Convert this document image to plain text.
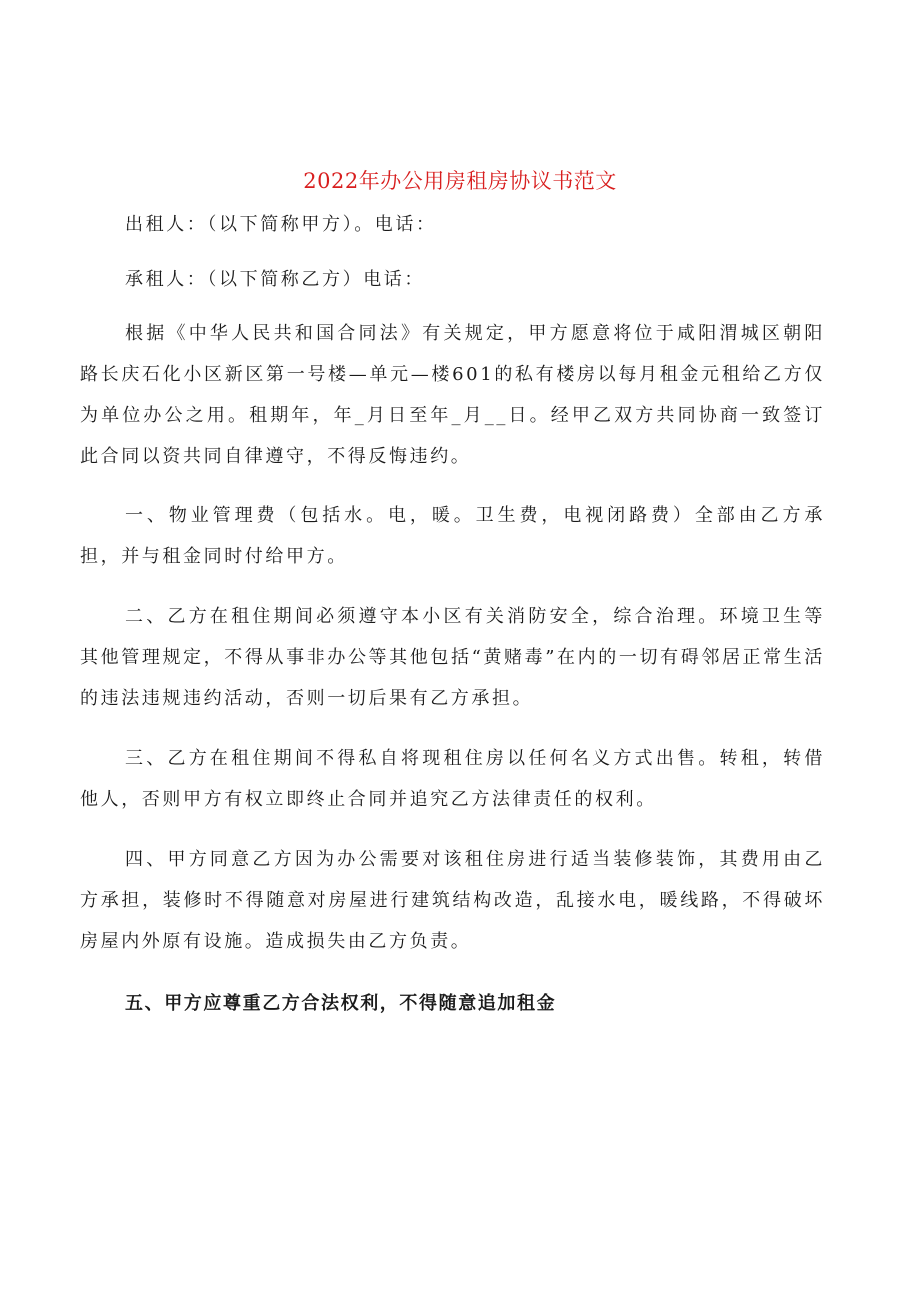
2022年办公用房租房协议书范文

出租人：（以下简称甲方）。电话：

承租人：（以下简称乙方）电话：

根据《中华人民共和国合同法》有关规定，甲方愿意将位于咸阳渭城区朝阳路长庆石化小区新区第一号楼—单元—楼601的私有楼房以每月租金元租给乙方仅为单位办公之用。租期年，年_月日至年_月__日。经甲乙双方共同协商一致签订此合同以资共同自律遵守，不得反悔违约。

一、物业管理费（包括水。电，暖。卫生费，电视闭路费）全部由乙方承担，并与租金同时付给甲方。

二、乙方在租住期间必须遵守本小区有关消防安全，综合治理。环境卫生等其他管理规定，不得从事非办公等其他包括“黄赌毒”在内的一切有碍邻居正常生活的违法违规违约活动，否则一切后果有乙方承担。

三、乙方在租住期间不得私自将现租住房以任何名义方式出售。转租，转借他人，否则甲方有权立即终止合同并追究乙方法律责任的权利。

四、甲方同意乙方因为办公需要对该租住房进行适当装修装饰，其费用由乙方承担，装修时不得随意对房屋进行建筑结构改造，乱接水电，暖线路，不得破坏房屋内外原有设施。造成损失由乙方负责。

五、甲方应尊重乙方合法权利，不得随意追加租金
